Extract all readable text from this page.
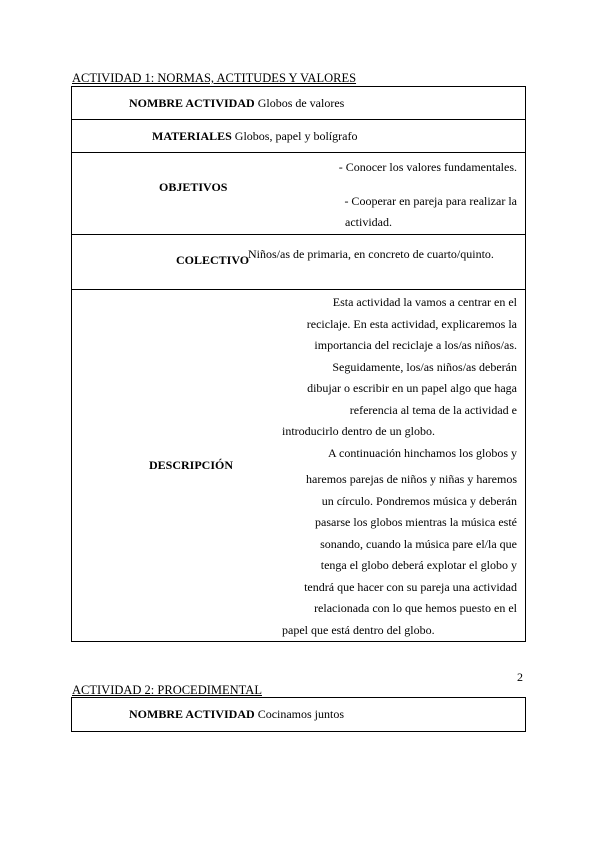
ACTIVIDAD 1: NORMAS, ACTITUDES Y VALORES
NOMBRE ACTIVIDAD Globos de valores

MATERIALES Globos, papel y bolígrafo

OBJETIVOS
- Conocer los valores fundamentales.
- Cooperar en pareja para realizar la
actividad.

COLECTIVO
Niños/as de primaria, en concreto de cuarto/quinto.

DESCRIPCIÓN
Esta actividad la vamos a centrar en el
reciclaje. En esta actividad, explicaremos la
importancia del reciclaje a los/as niños/as.
Seguidamente, los/as niños/as deberán
dibujar o escribir en un papel algo que haga
referencia al tema de la actividad e
introducirlo dentro de un globo.
A continuación hinchamos los globos y
haremos parejas de niños y niñas y haremos
un círculo. Pondremos música y deberán
pasarse los globos mientras la música esté
sonando, cuando la música pare el/la que
tenga el globo deberá explotar el globo y
tendrá que hacer con su pareja una actividad
relacionada con lo que hemos puesto en el
papel que está dentro del globo.
2
ACTIVIDAD 2: PROCEDIMENTAL
NOMBRE ACTIVIDAD Cocinamos juntos
